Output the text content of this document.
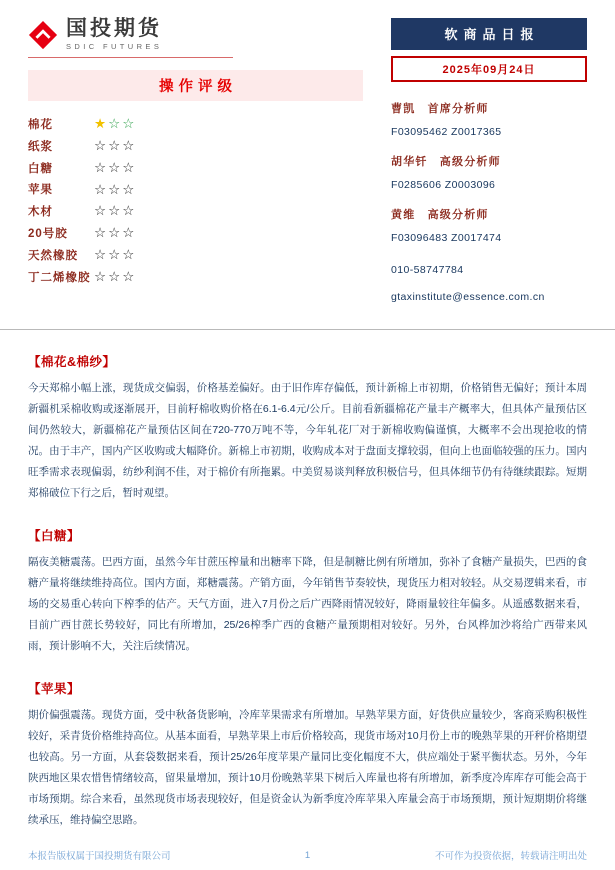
国投期货
SDIC FUTURES
操作评级
棉花	★☆☆
纸浆	☆☆☆
白糖	☆☆☆
苹果	☆☆☆
木材	☆☆☆
20号胶	☆☆☆
天然橡胶	☆☆☆
丁二烯橡胶 ☆☆☆
软商品日报
2025年09月24日
曹凯　首席分析师
F03095462 Z0017365
胡华钎　高级分析师
F0285606 Z0003096
黄维　高级分析师
F03096483 Z0017474
010-58747784
gtaxinstitute@essence.com.cn
【棉花&棉纱】
今天郑棉小幅上涨，现货成交偏弱，价格基差偏好。由于旧作库存偏低，预计新棉上市初期，价格销售无偏好；预计本周新疆机采棉收购或逐渐展开，目前籽棉收购价格在6.1-6.4元/公斤。目前看新疆棉花产量丰产概率大，但具体产量预估区间仍然较大，新疆棉花产量预估区间在720-770万吨不等，今年轧花厂对于新棉收购偏谨慎，大概率不会出现抢收的情况。由于丰产，国内产区收购或大幅降价。新棉上市初期，收购成本对于盘面支撑较弱，但向上也面临较强的压力。国内旺季需求表现偏弱，纺纱利润不佳，对于棉价有所拖累。中美贸易谈判释放积极信号，但具体细节仍有待继续跟踪。短期郑棉破位下行之后，暂时观望。
【白糖】
隔夜美糖震荡。巴西方面，虽然今年甘蔗压榨量和出糖率下降，但是制糖比例有所增加，弥补了食糖产量损失，巴西的食糖产量将继续维持高位。国内方面，郑糖震荡。产销方面，今年销售节奏较快，现货压力相对较轻。从交易逻辑来看，市场的交易重心转向下榨季的估产。天气方面，进入7月份之后广西降雨情况较好，降雨量较往年偏多。从遥感数据来看，目前广西甘蔗长势较好，同比有所增加，25/26榨季广西的食糖产量预期相对较好。另外，台风桦加沙将给广西带来风雨，预计影响不大，关注后续情况。
【苹果】
期价偏强震荡。现货方面，受中秋备货影响，冷库苹果需求有所增加。早熟苹果方面，好货供应量较少，客商采购积极性较好，采青货价格维持高位。从基本面看，早熟苹果上市后价格较高，现货市场对10月份上市的晚熟苹果的开秤价格期望也较高。另一方面，从套袋数据来看，预计25/26年度苹果产量同比变化幅度不大，供应端处于紧平衡状态。另外，今年陕西地区果农惜售情绪较高，留果量增加，预计10月份晚熟苹果下树后入库量也将有所增加，新季度冷库库存可能会高于市场预期。综合来看，虽然现货市场表现较好，但是资金认为新季度冷库苹果入库量会高于市场预期，预计短期期价将继续承压，维持偏空思路。
本报告版权属于国投期货有限公司	1	不可作为投资依据，转载请注明出处
